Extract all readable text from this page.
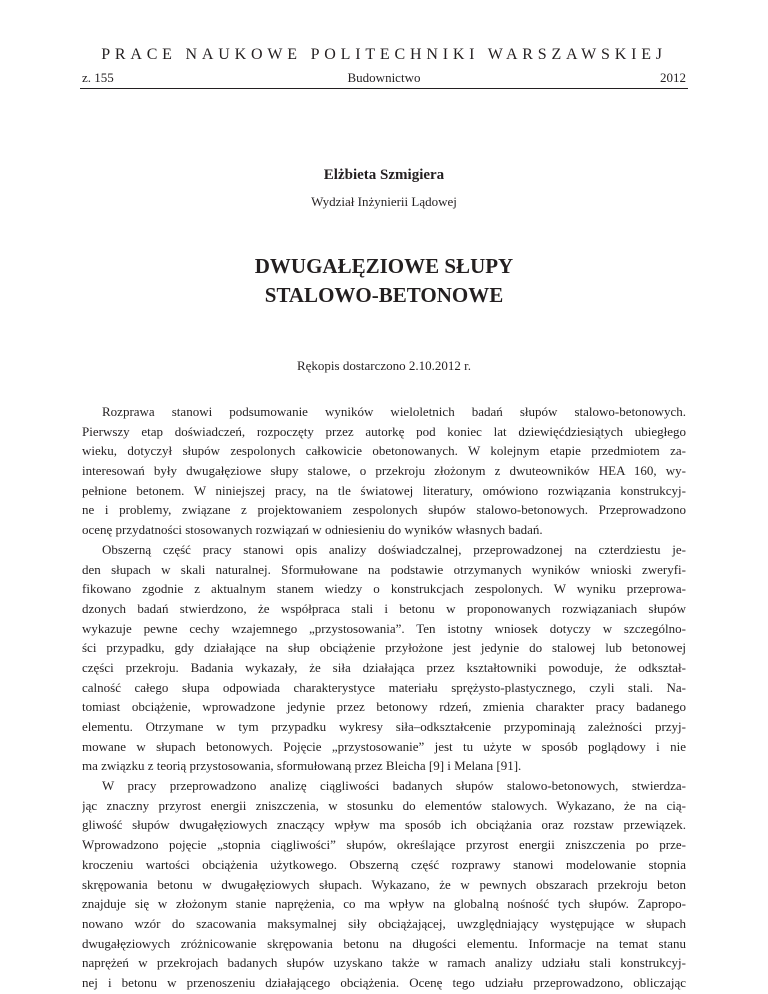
PRACE NAUKOWE POLITECHNIKI WARSZAWSKIEJ
z. 155	Budownictwo	2012
Elżbieta Szmigiera
Wydział Inżynierii Lądowej
DWUGAŁĘZIOWE SŁUPY
STALOWO-BETONOWE
Rękopis dostarczono 2.10.2012 r.
Rozprawa stanowi podsumowanie wyników wieloletnich badań słupów stalowo-betonowych.
Pierwszy etap doświadczeń, rozpoczęty przez autorkę pod koniec lat dziewięćdziesiątych ubiegłego
wieku, dotyczył słupów zespolonych całkowicie obetonowanych. W kolejnym etapie przedmiotem za-
interesowań były dwugałęziowe słupy stalowe, o przekroju złożonym z dwuteowników HEA 160, wy-
pełnione betonem. W niniejszej pracy, na tle światowej literatury, omówiono rozwiązania konstrukcyj-
ne i problemy, związane z projektowaniem zespolonych słupów stalowo-betonowych. Przeprowadzono
ocenę przydatności stosowanych rozwiązań w odniesieniu do wyników własnych badań.
Obszerną część pracy stanowi opis analizy doświadczalnej, przeprowadzonej na czterdziestu je-
den słupach w skali naturalnej. Sformułowane na podstawie otrzymanych wyników wnioski zweryfi-
fikowano zgodnie z aktualnym stanem wiedzy o konstrukcjach zespolonych. W wyniku przeprowa-
dzonych badań stwierdzono, że współpraca stali i betonu w proponowanych rozwiązaniach słupów
wykazuje pewne cechy wzajemnego „przystosowania”. Ten istotny wniosek dotyczy w szczególno-
ści przypadku, gdy działające na słup obciążenie przyłożone jest jedynie do stalowej lub betonowej
części przekroju. Badania wykazały, że siła działająca przez kształtowniki powoduje, że odkształ-
calność całego słupa odpowiada charakterystyce materiału sprężysto-plastycznego, czyli stali. Na-
tomiast obciążenie, wprowadzone jedynie przez betonowy rdzeń, zmienia charakter pracy badanego
elementu. Otrzymane w tym przypadku wykresy siła–odkształcenie przypominają zależności przyj-
mowane w słupach betonowych. Pojęcie „przystosowanie” jest tu użyte w sposób poglądowy i nie
ma związku z teorią przystosowania, sformułowaną przez Bleicha [9] i Melana [91].
W pracy przeprowadzono analizę ciągliwości badanych słupów stalowo-betonowych, stwierdza-
jąc znaczny przyrost energii zniszczenia, w stosunku do elementów stalowych. Wykazano, że na cią-
gliwość słupów dwugałęziowych znaczący wpływ ma sposób ich obciążania oraz rozstaw przewiązek.
Wprowadzono pojęcie „stopnia ciągliwości” słupów, określające przyrost energii zniszczenia po prze-
kroczeniu wartości obciążenia użytkowego. Obszerną część rozprawy stanowi modelowanie stopnia
skrępowania betonu w dwugałęziowych słupach. Wykazano, że w pewnych obszarach przekroju beton
znajduje się w złożonym stanie naprężenia, co ma wpływ na globalną nośność tych słupów. Zapropo-
nowano wzór do szacowania maksymalnej siły obciążającej, uwzględniający występujące w słupach
dwugałęziowych zróżnicowanie skrępowania betonu na długości elementu. Informacje na temat stanu
naprężeń w przekrojach badanych słupów uzyskano także w ramach analizy udziału stali konstrukcyj-
nej i betonu w przenoszeniu działającego obciążenia. Ocenę tego udziału przeprowadzono, obliczając
